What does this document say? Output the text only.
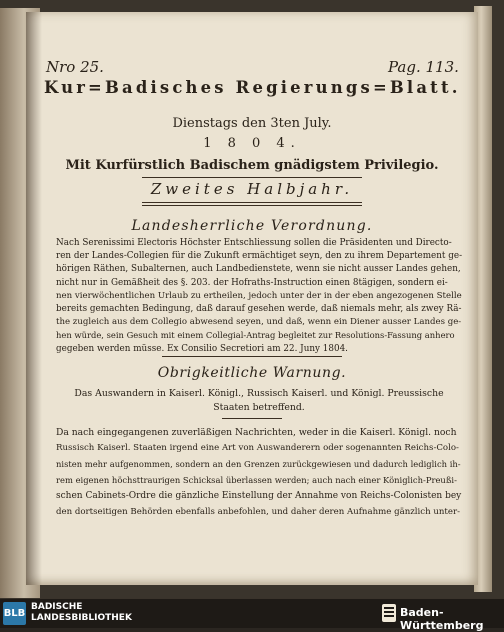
Nro 25.	Pag. 113.
Kur=Badisches Regierungs=Blatt.
Dienstags den 3ten July.
1 8 0 4.
Mit Kurfürstlich Badischem gnädigstem Privilegio.
Zweites Halbjahr.
Landesherrliche Verordnung.
Nach Serenissimi Electoris Höchster Entschliessung sollen die Präsidenten und Directo-
ren der Landes-Collegien für die Zukunft ermächtiget seyn, den zu ihrem Departement ge-
hörigen Räthen, Subalternen, auch Landbedienstete, wenn sie nicht ausser Landes gehen,
nicht nur in Gemäßheit des §. 203. der Hofraths-Instruction einen 8tägigen, sondern ei-
nen vierwöchentlichen Urlaub zu ertheilen, jedoch unter der in der eben angezogenen Stelle
bereits gemachten Bedingung, daß darauf gesehen werde, daß niemals mehr, als zwey Rä-
the zugleich aus dem Collegio abwesend seyen, und daß, wenn ein Diener ausser Landes ge-
hen würde, sein Gesuch mit einem Collegial-Antrag begleitet zur Resolutions-Fassung anhero
gegeben werden müsse. Ex Consilio Secretiori am 22. Juny 1804.
Obrigkeitliche Warnung.
Das Auswandern in Kaiserl. Königl., Russisch Kaiserl. und Königl. Preussische
Staaten betreffend.
Da nach eingegangenen zuverläßigen Nachrichten, weder in die Kaiserl. Königl. noch
Russisch Kaiserl. Staaten irgend eine Art von Auswanderern oder sogenannten Reichs-Colo-
nisten mehr aufgenommen, sondern an den Grenzen zurückgewiesen und dadurch lediglich ih-
rem eigenen höchsttraurigen Schicksal überlassen werden; auch nach einer Königlich-Preußi-
schen Cabinets-Ordre die gänzliche Einstellung der Annahme von Reichs-Colonisten bey
den dortseitigen Behörden ebenfalls anbefohlen, und daher deren Aufnahme gänzlich unter-
BLB
BADISCHE
LANDESBIBLIOTHEK	Baden-Württemberg
